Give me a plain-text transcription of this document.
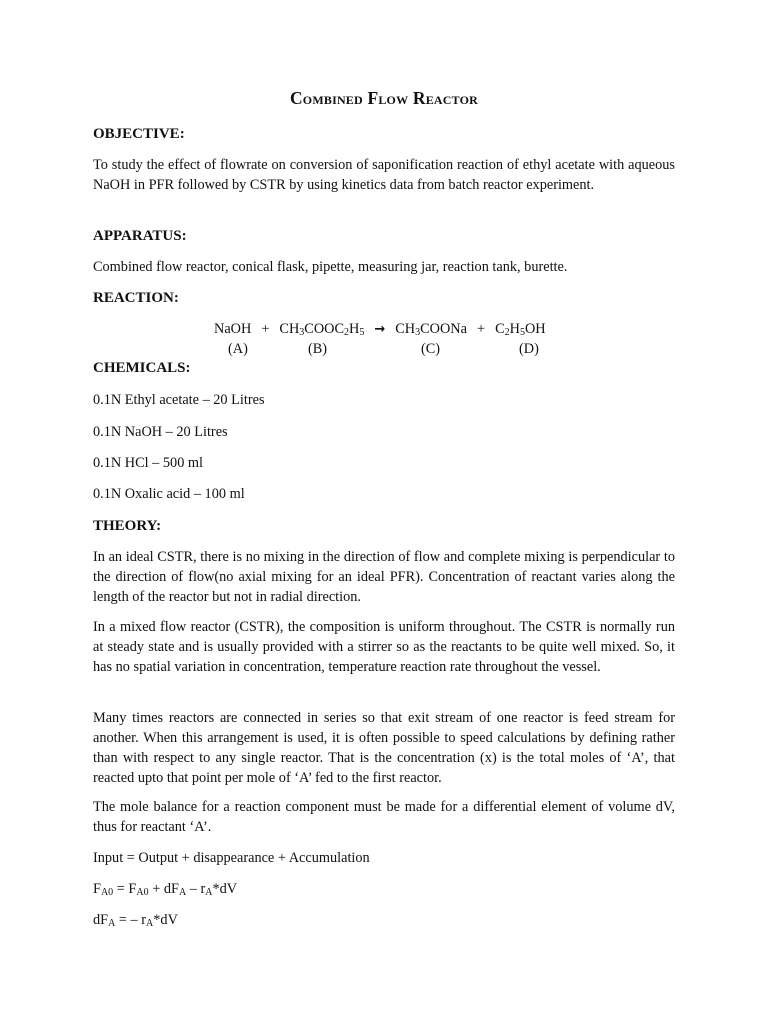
Combined Flow Reactor
OBJECTIVE:

To study the effect of flowrate on conversion of saponification reaction of ethyl acetate with aqueous NaOH in PFR followed by CSTR by using kinetics data from batch reactor experiment.

APPARATUS:

Combined flow reactor, conical flask, pipette, measuring jar, reaction tank, burette.

REACTION:
NaOH + $CH_3COOC_2H_5$ → $CH_3COONa + C_2H_5OH$
(A)	(B)	(C)	(D)
CHEMICALS:

0.1N Ethyl acetate – 20 Litres

0.1N NaOH – 20 Litres

0.1N HCl – 500 ml

0.1N Oxalic acid – 100 ml

THEORY:

In an ideal CSTR, there is no mixing in the direction of flow and complete mixing is perpendicular to the direction of flow(no axial mixing for an ideal PFR). Concentration of reactant varies along the length of the reactor but not in radial direction.

In a mixed flow reactor (CSTR), the composition is uniform throughout. The CSTR is normally run at steady state and is usually provided with a stirrer so as the reactants to be quite well mixed. So, it has no spatial variation in concentration, temperature reaction rate throughout the vessel.

Many times reactors are connected in series so that exit stream of one reactor is feed stream for another. When this arrangement is used, it is often possible to speed calculations by defining rather than with respect to any single reactor. That is the concentration (x) is the total moles of ‘A’, that reacted upto that point per mole of ‘A’ fed to the first reactor.

The mole balance for a reaction component must be made for a differential element of volume dV, thus for reactant ‘A’.

Input = Output + disappearance + Accumulation

$F_{A0} = F_{A0} + dF_A - r_A*dV$

$dF_A$ = – $r_A*dV$
